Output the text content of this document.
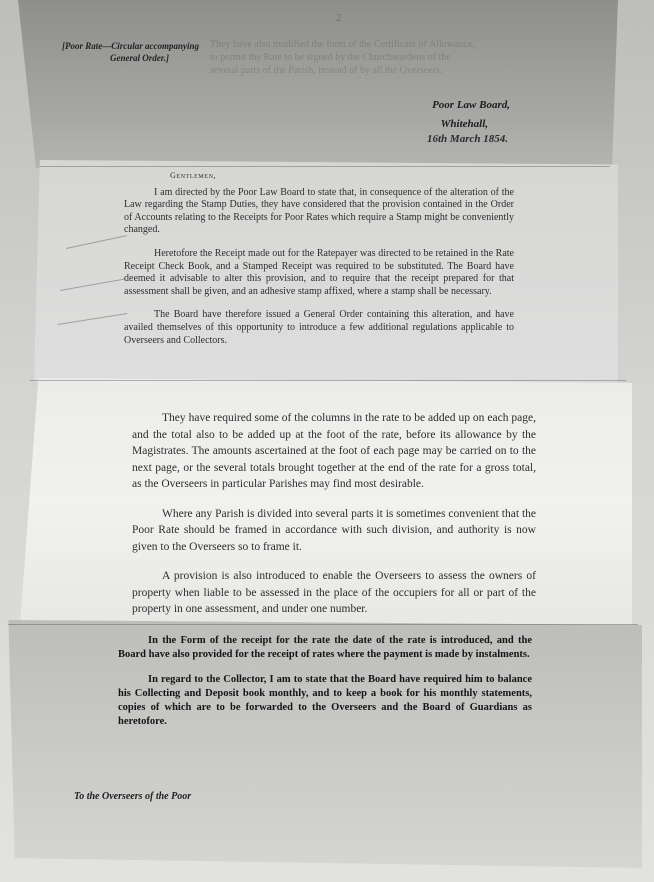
2
[Poor Rate—Circular accompanying
General Order.]
They have also modified the form of the Certificate of Allowance,
to permit the Rate to be signed by the Churchwardens of the
several parts of the Parish, instead of by all the Overseers.
Poor Law Board,
Whitehall,
16th March 1854.
Gentlemen,

I am directed by the Poor Law Board to state that, in consequence of the alteration of the Law regarding the Stamp Duties, they have considered that the provision contained in the Order of Accounts relating to the Receipts for Poor Rates which require a Stamp might be conveniently changed.

Heretofore the Receipt made out for the Ratepayer was directed to be retained in the Rate Receipt Check Book, and a Stamped Receipt was required to be substituted. The Board have deemed it advisable to alter this provision, and to require that the receipt prepared for that assessment shall be given, and an adhesive stamp affixed, where a stamp shall be necessary.

The Board have therefore issued a General Order containing this alteration, and have availed themselves of this opportunity to introduce a few additional regulations applicable to Overseers and Collectors.

They have required some of the columns in the rate to be added up on each page, and the total also to be added up at the foot of the rate, before its allowance by the Magistrates. The amounts ascertained at the foot of each page may be carried on to the next page, or the several totals brought together at the end of the rate for a gross total, as the Overseers in particular Parishes may find most desirable.

Where any Parish is divided into several parts it is sometimes convenient that the Poor Rate should be framed in accordance with such division, and authority is now given to the Overseers so to frame it.

A provision is also introduced to enable the Overseers to assess the owners of property when liable to be assessed in the place of the occupiers for all or part of the property in one assessment, and under one number.

In the Form of the receipt for the rate the date of the rate is introduced, and the Board have also provided for the receipt of rates where the payment is made by instalments.

In regard to the Collector, I am to state that the Board have required him to balance his Collecting and Deposit book monthly, and to keep a book for his monthly statements, copies of which are to be forwarded to the Overseers and the Board of Guardians as heretofore.

To the Overseers of the Poor
